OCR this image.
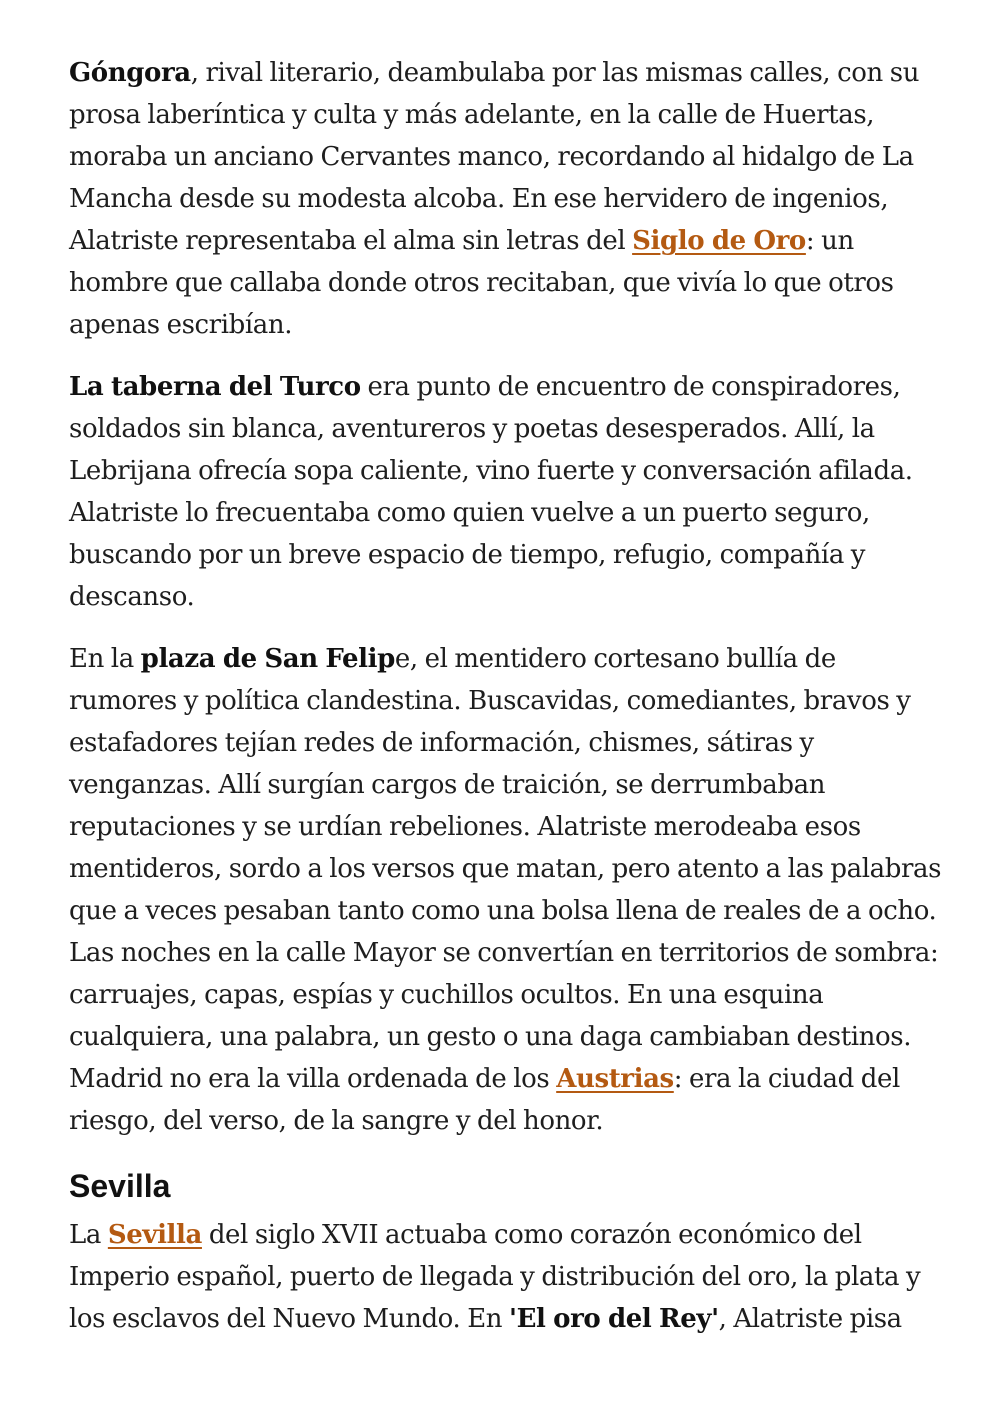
Góngora, rival literario, deambulaba por las mismas calles, con su prosa laberíntica y culta y más adelante, en la calle de Huertas, moraba un anciano Cervantes manco, recordando al hidalgo de La Mancha desde su modesta alcoba. En ese hervidero de ingenios, Alatriste representaba el alma sin letras del Siglo de Oro: un hombre que callaba donde otros recitaban, que vivía lo que otros apenas escribían.

La taberna del Turco era punto de encuentro de conspiradores, soldados sin blanca, aventureros y poetas desesperados. Allí, la Lebrijana ofrecía sopa caliente, vino fuerte y conversación afilada. Alatriste lo frecuentaba como quien vuelve a un puerto seguro, buscando por un breve espacio de tiempo, refugio, compañía y descanso.

En la plaza de San Felipe, el mentidero cortesano bullía de rumores y política clandestina. Buscavidas, comediantes, bravos y estafadores tejían redes de información, chismes, sátiras y venganzas. Allí surgían cargos de traición, se derrumbaban reputaciones y se urdían rebeliones. Alatriste merodeaba esos mentideros, sordo a los versos que matan, pero atento a las palabras que a veces pesaban tanto como una bolsa llena de reales de a ocho. Las noches en la calle Mayor se convertían en territorios de sombra: carruajes, capas, espías y cuchillos ocultos. En una esquina cualquiera, una palabra, un gesto o una daga cambiaban destinos. Madrid no era la villa ordenada de los Austrias: era la ciudad del riesgo, del verso, de la sangre y del honor.

Sevilla

La Sevilla del siglo XVII actuaba como corazón económico del Imperio español, puerto de llegada y distribución del oro, la plata y los esclavos del Nuevo Mundo. En 'El oro del Rey', Alatriste pisa
